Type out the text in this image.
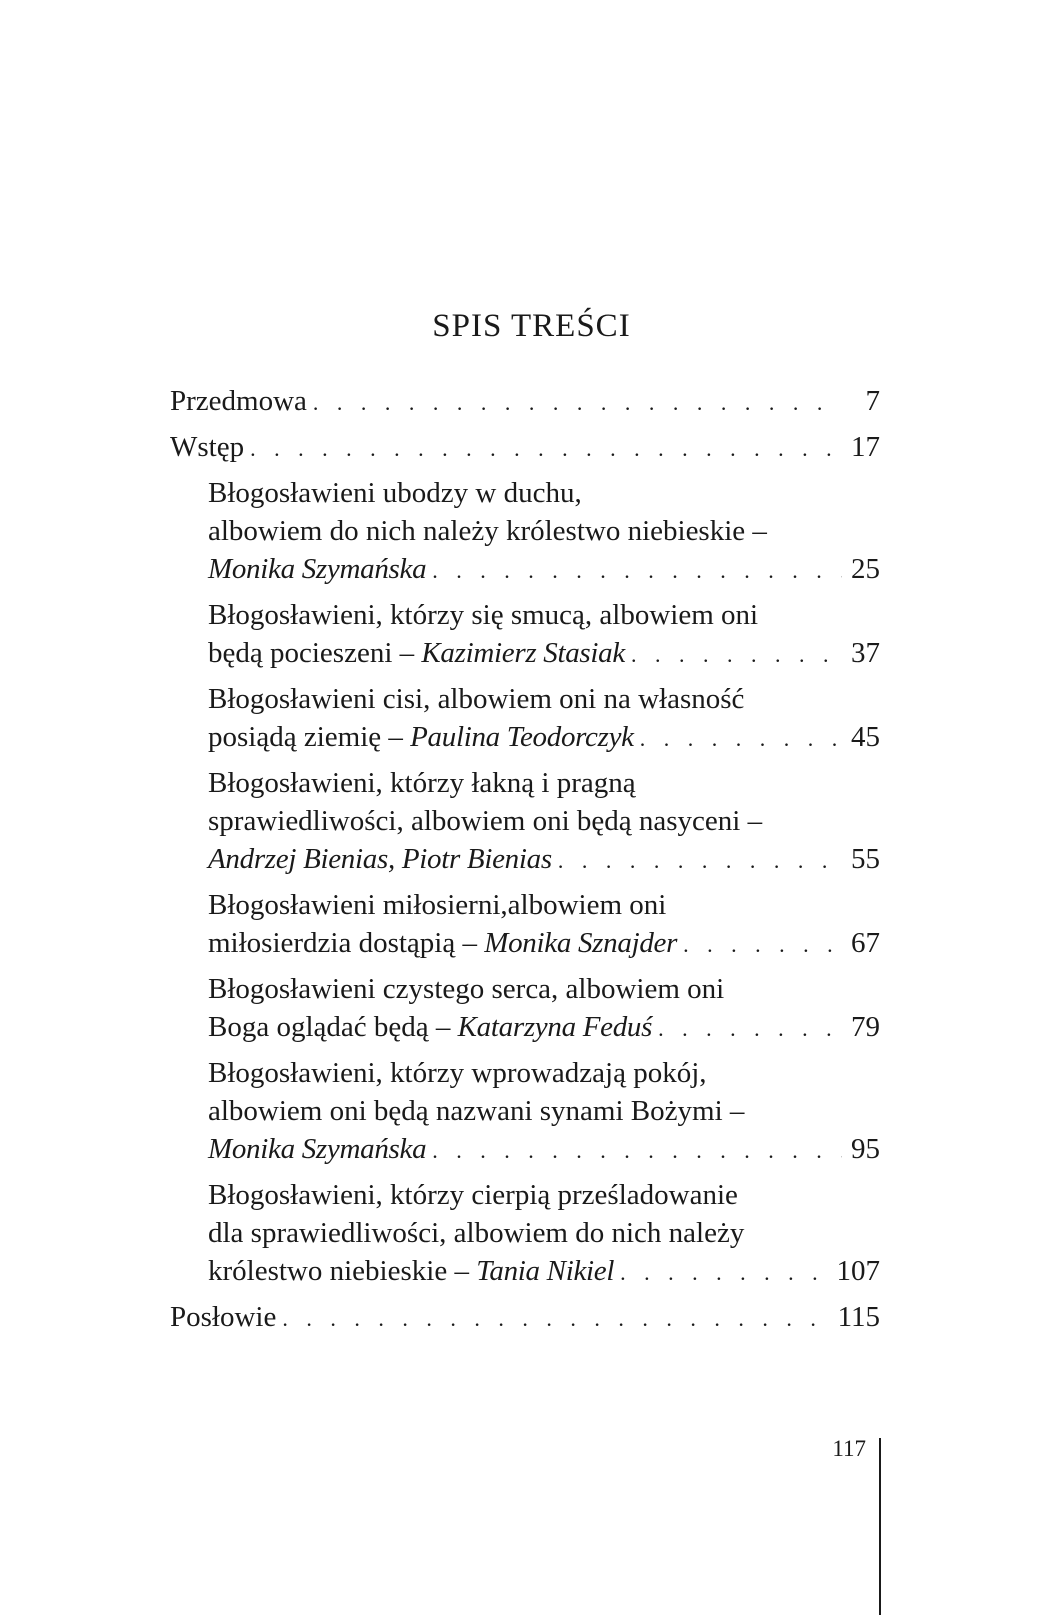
SPIS TREŚCI
Przedmowa . . .	7
Wstęp . . .	17
Błogosławieni ubodzy w duchu,
albowiem do nich należy królestwo niebieskie –
Monika Szymańska . . .	25
Błogosławieni, którzy się smucą, albowiem oni
będą pocieszeni – Kazimierz Stasiak . . .	37
Błogosławieni cisi, albowiem oni na własność
posiądą ziemię – Paulina Teodorczyk . . .	45
Błogosławieni, którzy łakną i pragną
sprawiedliwości, albowiem oni będą nasyceni –
Andrzej Bienias, Piotr Bienias . . .	55
Błogosławieni miłosierni,albowiem oni
miłosierdzia dostąpią – Monika Sznajder . . .	67
Błogosławieni czystego serca, albowiem oni
Boga oglądać będą – Katarzyna Feduś . . .	79
Błogosławieni, którzy wprowadzają pokój,
albowiem oni będą nazwani synami Bożymi –
Monika Szymańska . . .	95
Błogosławieni, którzy cierpią prześladowanie
dla sprawiedliwości, albowiem do nich należy
królestwo niebieskie – Tania Nikiel . . .	107
Posłowie . . .	115
117
